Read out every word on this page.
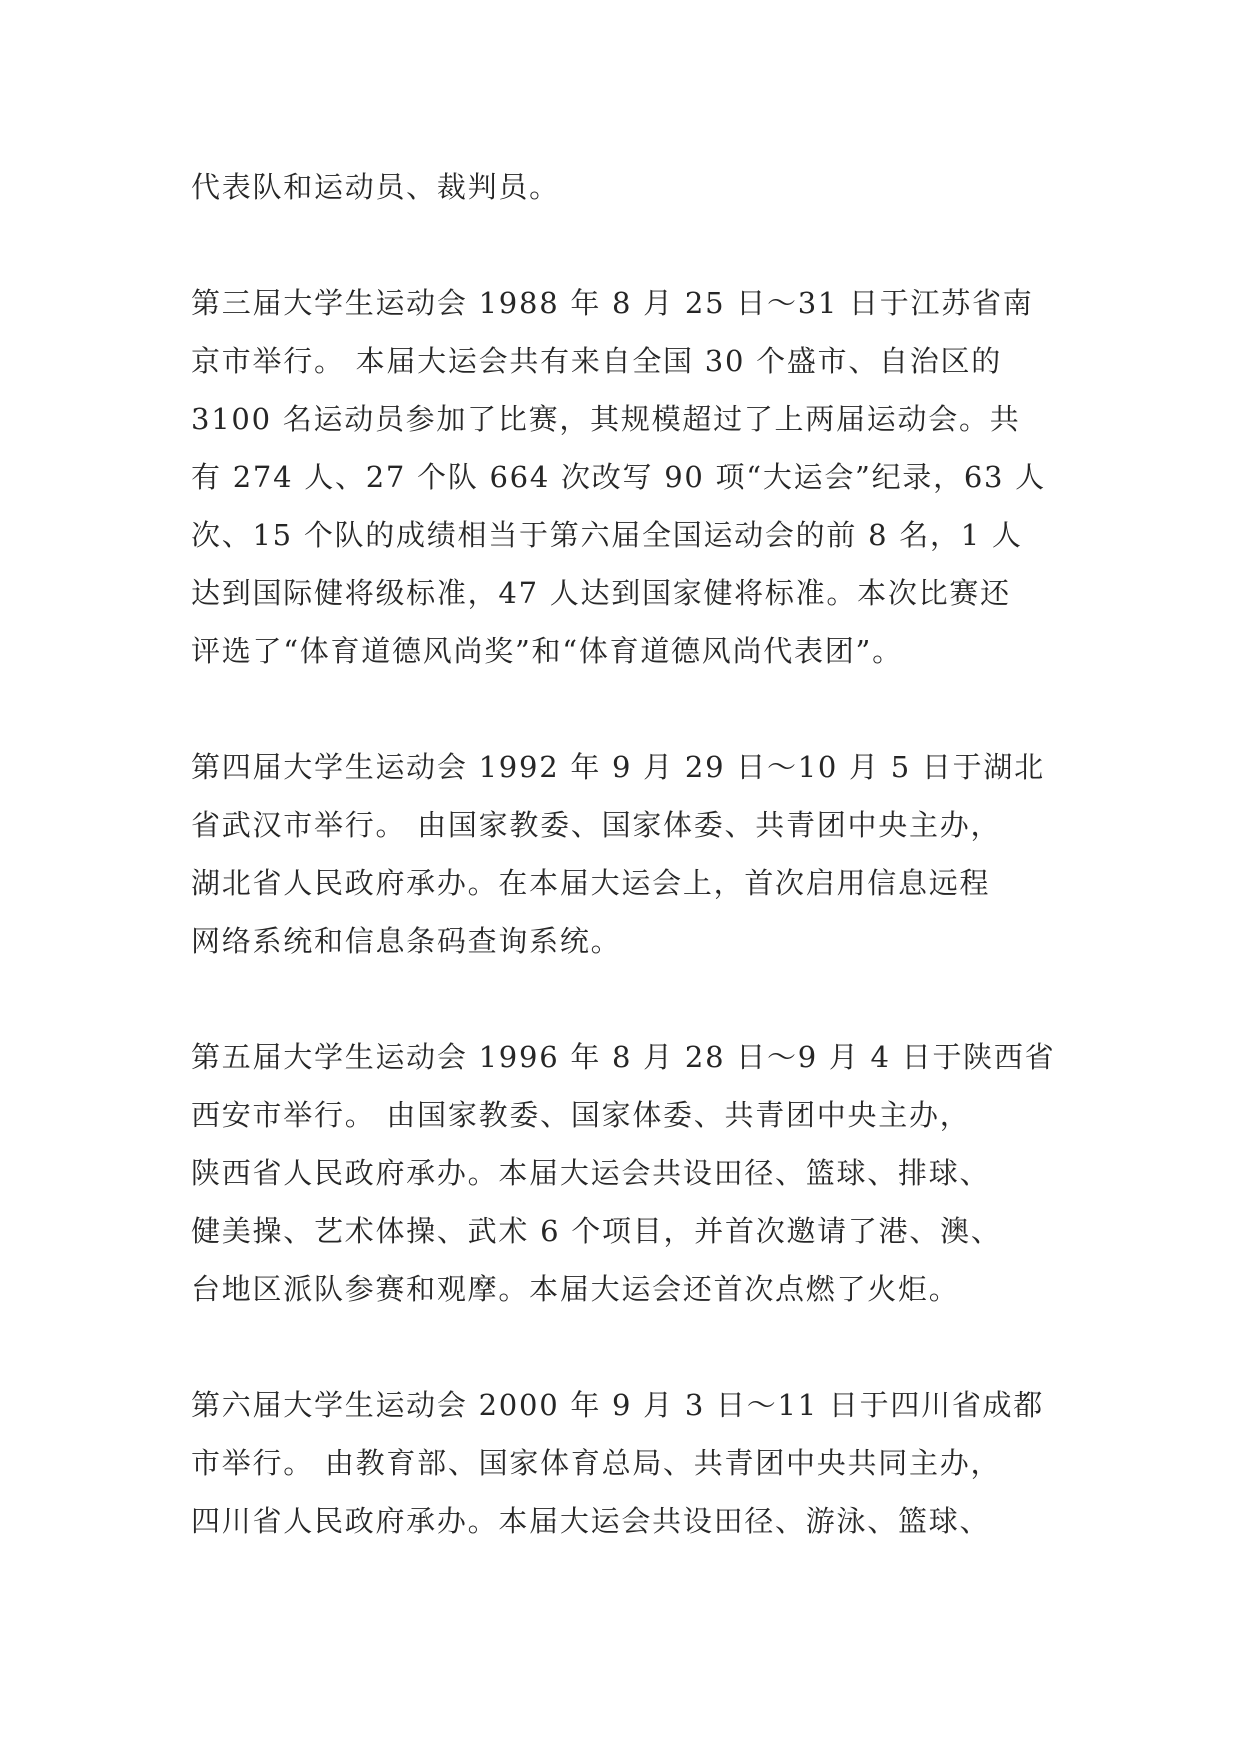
代表队和运动员、裁判员。
第三届大学生运动会 1988 年 8 月 25 日～31 日于江苏省南
京市举行。 本届大运会共有来自全国 30 个盛市、自治区的
3100 名运动员参加了比赛，其规模超过了上两届运动会。共
有 274 人、27 个队 664 次改写 90 项“大运会”纪录，63 人
次、15 个队的成绩相当于第六届全国运动会的前 8 名，1 人
达到国际健将级标准，47 人达到国家健将标准。本次比赛还
评选了“体育道德风尚奖”和“体育道德风尚代表团”。
第四届大学生运动会 1992 年 9 月 29 日～10 月 5 日于湖北
省武汉市举行。 由国家教委、国家体委、共青团中央主办，
湖北省人民政府承办。在本届大运会上，首次启用信息远程
网络系统和信息条码查询系统。
第五届大学生运动会 1996 年 8 月 28 日～9 月 4 日于陕西省
西安市举行。 由国家教委、国家体委、共青团中央主办，
陕西省人民政府承办。本届大运会共设田径、篮球、排球、
健美操、艺术体操、武术 6 个项目，并首次邀请了港、澳、
台地区派队参赛和观摩。本届大运会还首次点燃了火炬。
第六届大学生运动会 2000 年 9 月 3 日～11 日于四川省成都
市举行。 由教育部、国家体育总局、共青团中央共同主办，
四川省人民政府承办。本届大运会共设田径、游泳、篮球、
